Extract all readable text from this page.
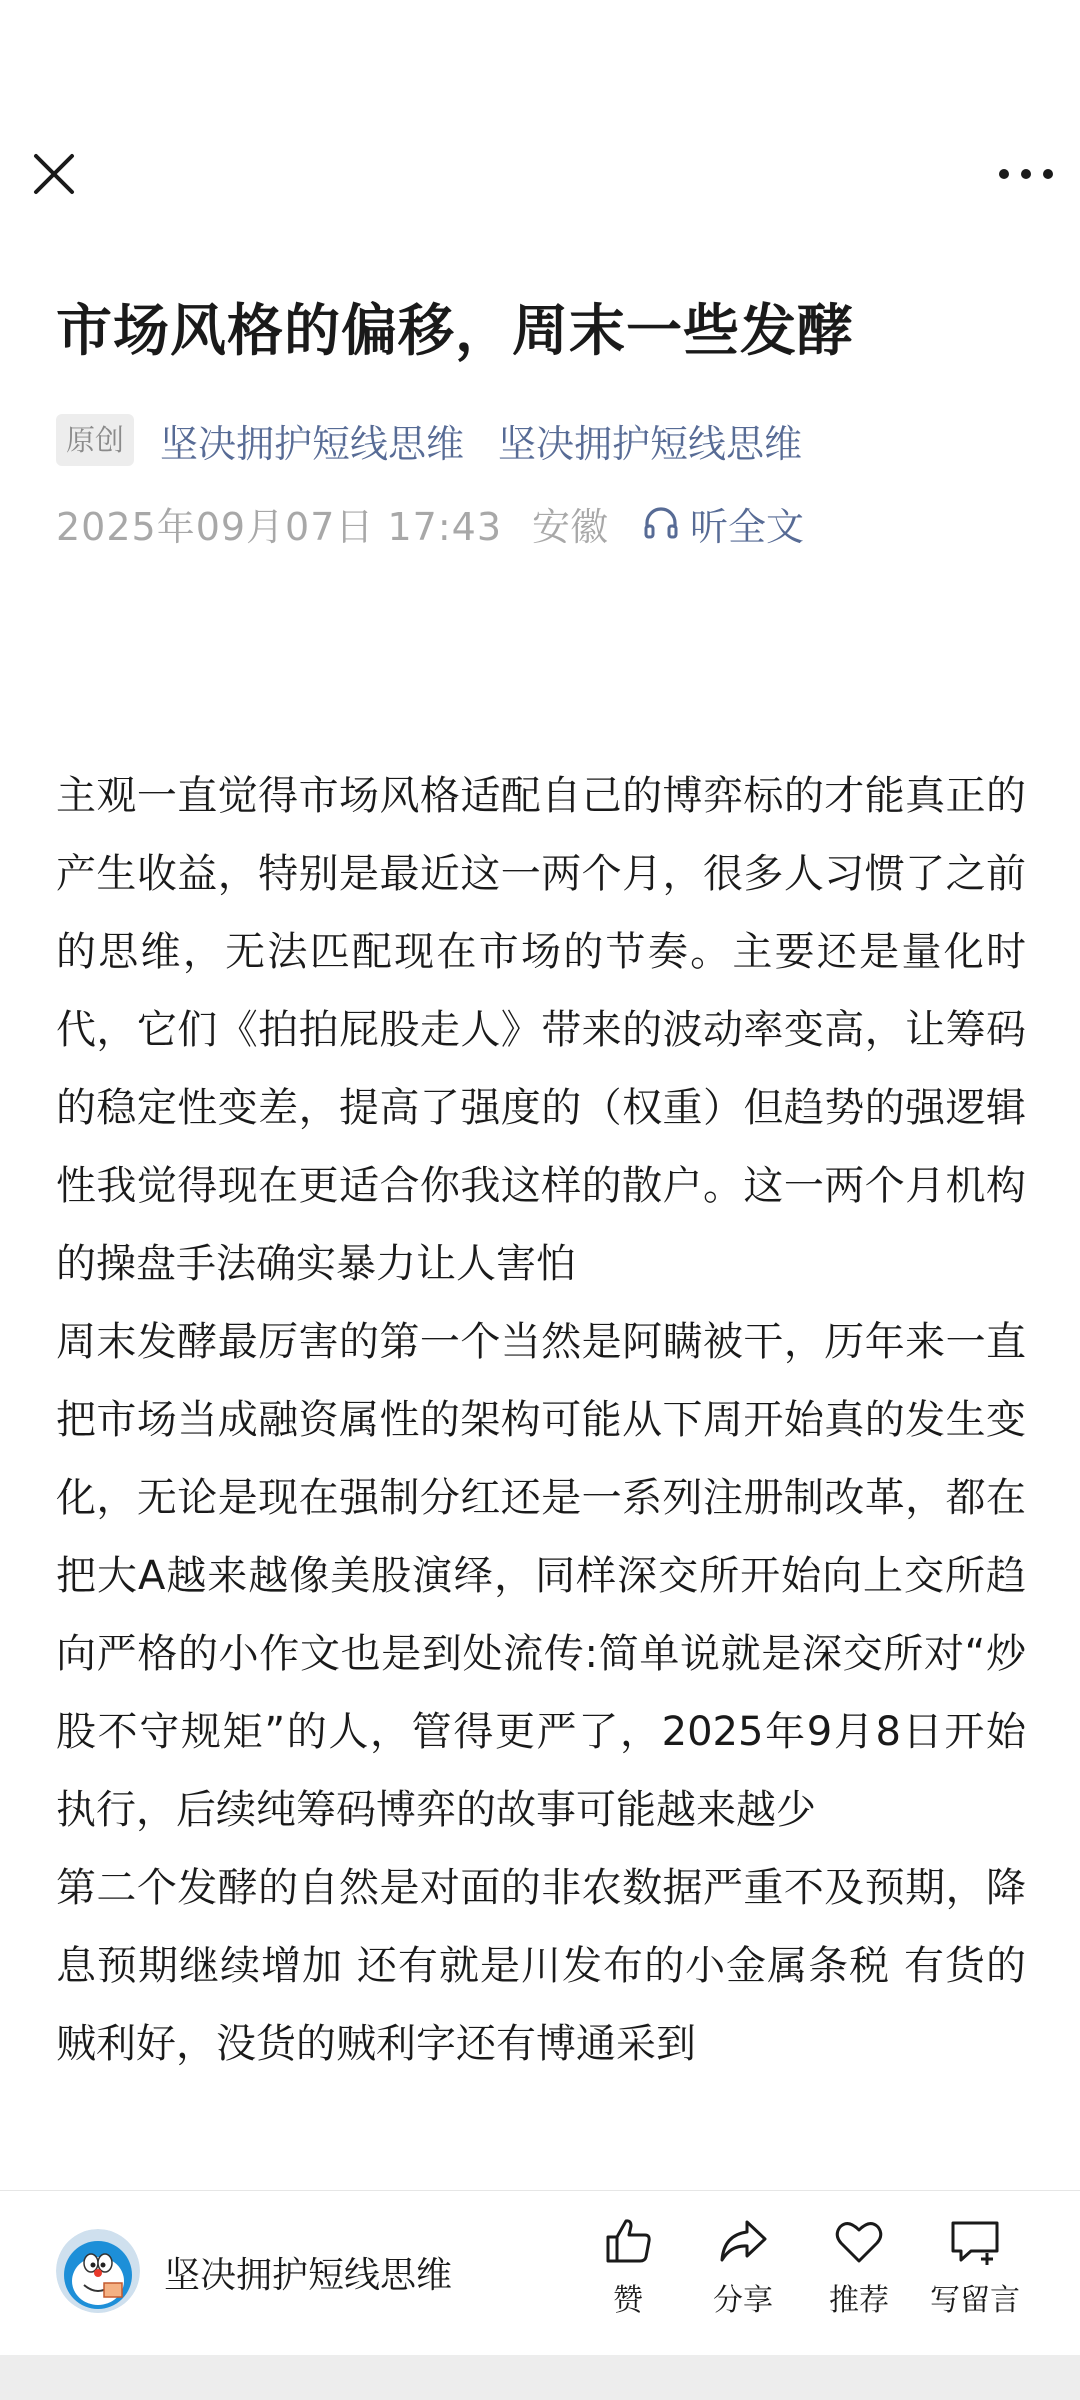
市场风格的偏移，周末一些发酵
原创 坚决拥护短线思维 坚决拥护短线思维
2025年09月07日 17:43 安徽 听全文

主观一直觉得市场风格适配自己的博弈标的才能真正的产生收益，特别是最近这一两个月，很多人习惯了之前的思维，无法匹配现在市场的节奏。主要还是量化时代，它们《拍拍屁股走人》带来的波动率变高，让筹码的稳定性变差，提高了强度的（权重）但趋势的强逻辑性我觉得现在更适合你我这样的散户。这一两个月机构的操盘手法确实暴力让人害怕

周末发酵最厉害的第一个当然是阿瞒被干，历年来一直把市场当成融资属性的架构可能从下周开始真的发生变化，无论是现在强制分红还是一系列注册制改革，都在把大A越来越像美股演绎，同样深交所开始向上交所趋向严格的小作文也是到处流传:简单说就是深交所对“炒股不守规矩”的人，管得更严了，2025年9月8日开始执行，后续纯筹码博弈的故事可能越来越少

第二个发酵的自然是对面的非农数据严重不及预期，降息预期继续增加 还有就是川发布的小金属条税 有货的贼利好，没货的贼利字还有博通采到

坚决拥护短线思维
赞	分享	推荐	写留言
